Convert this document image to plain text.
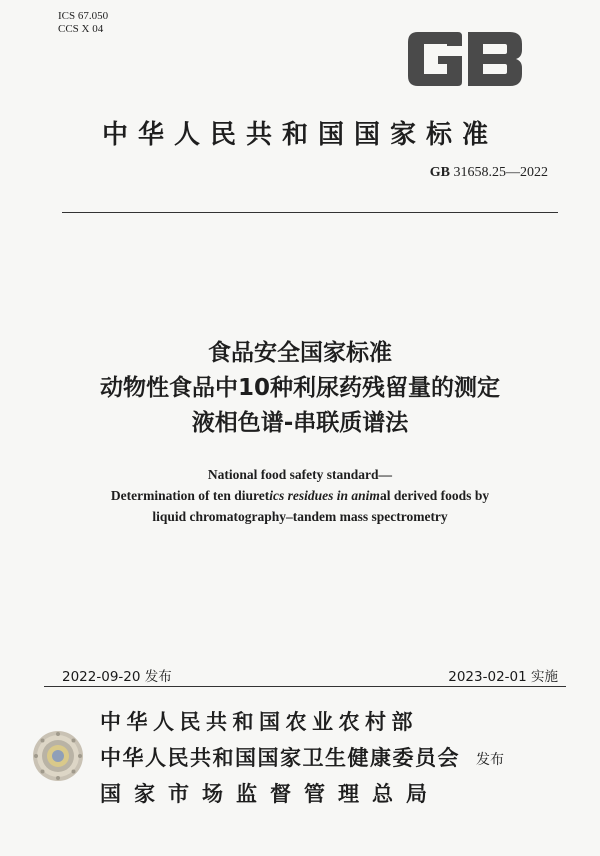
ICS 67.050
CCS X 04	GB
中华人民共和国国家标准
GB 31658.25—2022
食品安全国家标准
动物性食品中10种利尿药残留量的测定
液相色谱-串联质谱法
National food safety standard—
Determination of ten diuretics residues in animal derived foods by
liquid chromatography–tandem mass spectrometry
2022-09-20 发布	2023-02-01 实施
中华人民共和国农业农村部
中华人民共和国国家卫生健康委员会
国家市场监督管理总局
发布
